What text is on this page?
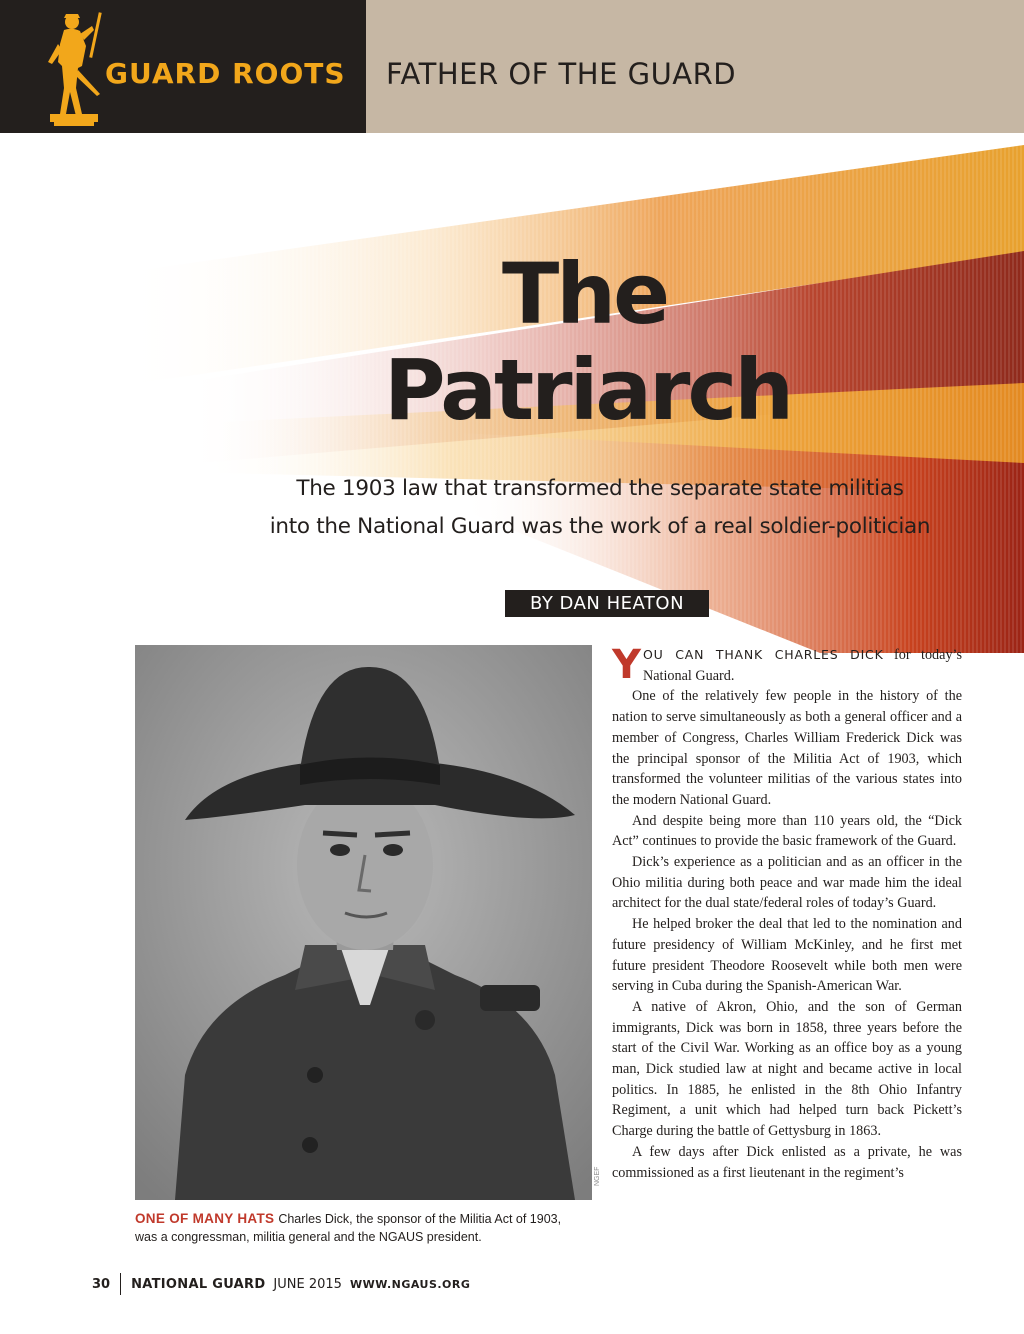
GUARD ROOTS FATHER OF THE GUARD
The
Patriarch
The 1903 law that transformed the separate state militias
into the National Guard was the work of a real soldier-politician
BY DAN HEATON
NGEF
ONE OF MANY HATS Charles Dick, the sponsor of the Militia Act of 1903, was a congressman, militia general and the NGAUS president.

YOU CAN THANK CHARLES DICK for today’s National Guard.

One of the relatively few people in the history of the nation to serve simultaneously as both a general officer and a member of Congress, Charles William Frederick Dick was the principal sponsor of the Militia Act of 1903, which transformed the volunteer militias of the various states into the modern National Guard.

And despite being more than 110 years old, the “Dick Act” continues to provide the basic framework of the Guard.

Dick’s experience as a politician and as an officer in the Ohio militia during both peace and war made him the ideal architect for the dual state/federal roles of today’s Guard.

He helped broker the deal that led to the nomination and future presidency of William McKinley, and he first met future president Theodore Roosevelt while both men were serving in Cuba during the Spanish-American War.

A native of Akron, Ohio, and the son of German immigrants, Dick was born in 1858, three years before the start of the Civil War. Working as an office boy as a young man, Dick studied law at night and became active in local politics. In 1885, he enlisted in the 8th Ohio Infantry Regiment, a unit which had helped turn back Pickett’s Charge during the battle of Gettysburg in 1863.

A few days after Dick enlisted as a private, he was commissioned as a first lieutenant in the regiment’s

30 NATIONAL GUARD JUNE 2015 WWW.NGAUS.ORG
